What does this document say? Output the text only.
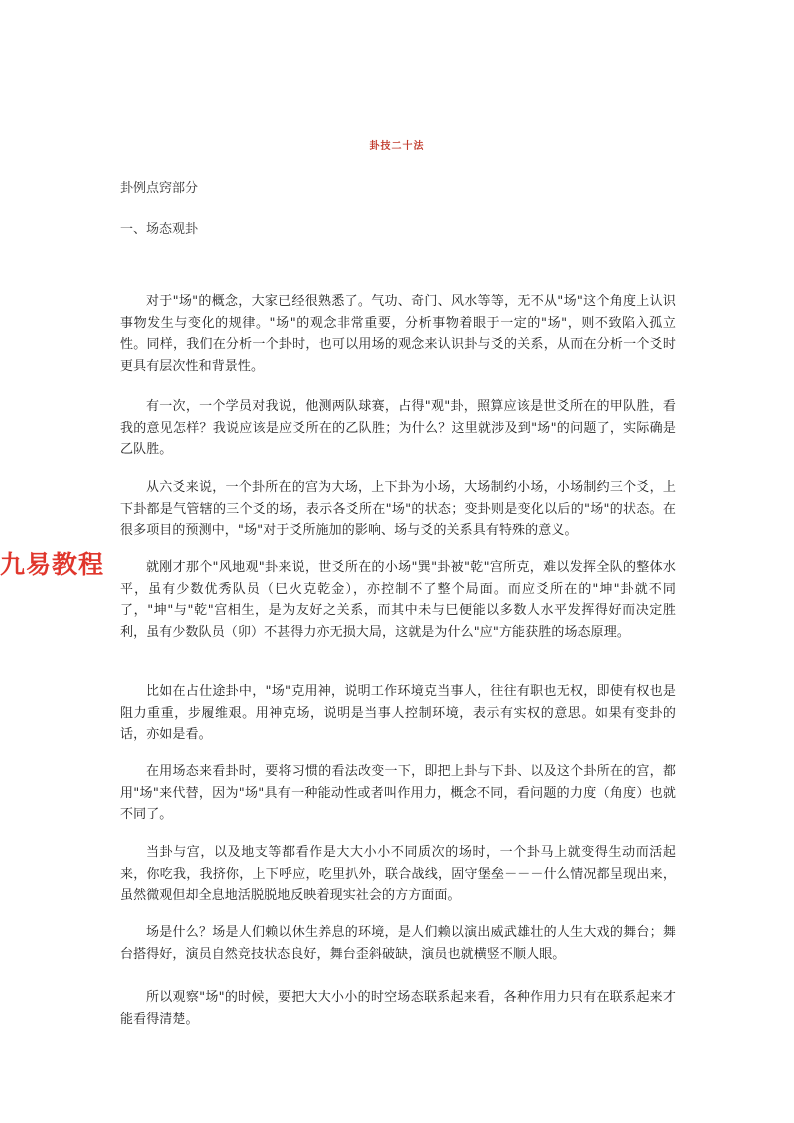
卦技二十法
卦例点窍部分
一、场态观卦
对于"场"的概念，大家已经很熟悉了。气功、奇门、风水等等，无不从"场"这个角度上认识事物发生与变化的规律。"场"的观念非常重要，分析事物着眼于一定的"场"，则不致陷入孤立性。同样，我们在分析一个卦时，也可以用场的观念来认识卦与爻的关系，从而在分析一个爻时更具有层次性和背景性。
有一次，一个学员对我说，他测两队球赛，占得"观"卦，照算应该是世爻所在的甲队胜，看我的意见怎样？我说应该是应爻所在的乙队胜；为什么？这里就涉及到"场"的问题了，实际确是乙队胜。
从六爻来说，一个卦所在的宫为大场，上下卦为小场，大场制约小场，小场制约三个爻，上下卦都是气管辖的三个爻的场，表示各爻所在"场"的状态；变卦则是变化以后的"场"的状态。在很多项目的预测中，"场"对于爻所施加的影响、场与爻的关系具有特殊的意义。
就刚才那个"风地观"卦来说，世爻所在的小场"巽"卦被"乾"宫所克，难以发挥全队的整体水平，虽有少数优秀队员（巳火克乾金），亦控制不了整个局面。而应爻所在的"坤"卦就不同了，"坤"与"乾"宫相生，是为友好之关系，而其中未与巳便能以多数人水平发挥得好而决定胜利，虽有少数队员（卯）不甚得力亦无损大局，这就是为什么"应"方能获胜的场态原理。
比如在占仕途卦中，"场"克用神，说明工作环境克当事人，往往有职也无权，即使有权也是阻力重重，步履维艰。用神克场，说明是当事人控制环境，表示有实权的意思。如果有变卦的话，亦如是看。
在用场态来看卦时，要将习惯的看法改变一下，即把上卦与下卦、以及这个卦所在的宫，都用"场"来代替，因为"场"具有一种能动性或者叫作用力，概念不同，看问题的力度（角度）也就不同了。
当卦与宫，以及地支等都看作是大大小小不同质次的场时，一个卦马上就变得生动而活起来，你吃我，我挤你，上下呼应，吃里扒外，联合战线，固守堡垒－－－什么情况都呈现出来，虽然微观但却全息地活脱脱地反映着现实社会的方方面面。
场是什么？场是人们赖以休生养息的环境，是人们赖以演出威武雄壮的人生大戏的舞台；舞台搭得好，演员自然竞技状态良好，舞台歪斜破缺，演员也就横竖不顺人眼。
所以观察"场"的时候，要把大大小小的时空场态联系起来看，各种作用力只有在联系起来才能看得清楚。
九易教程
